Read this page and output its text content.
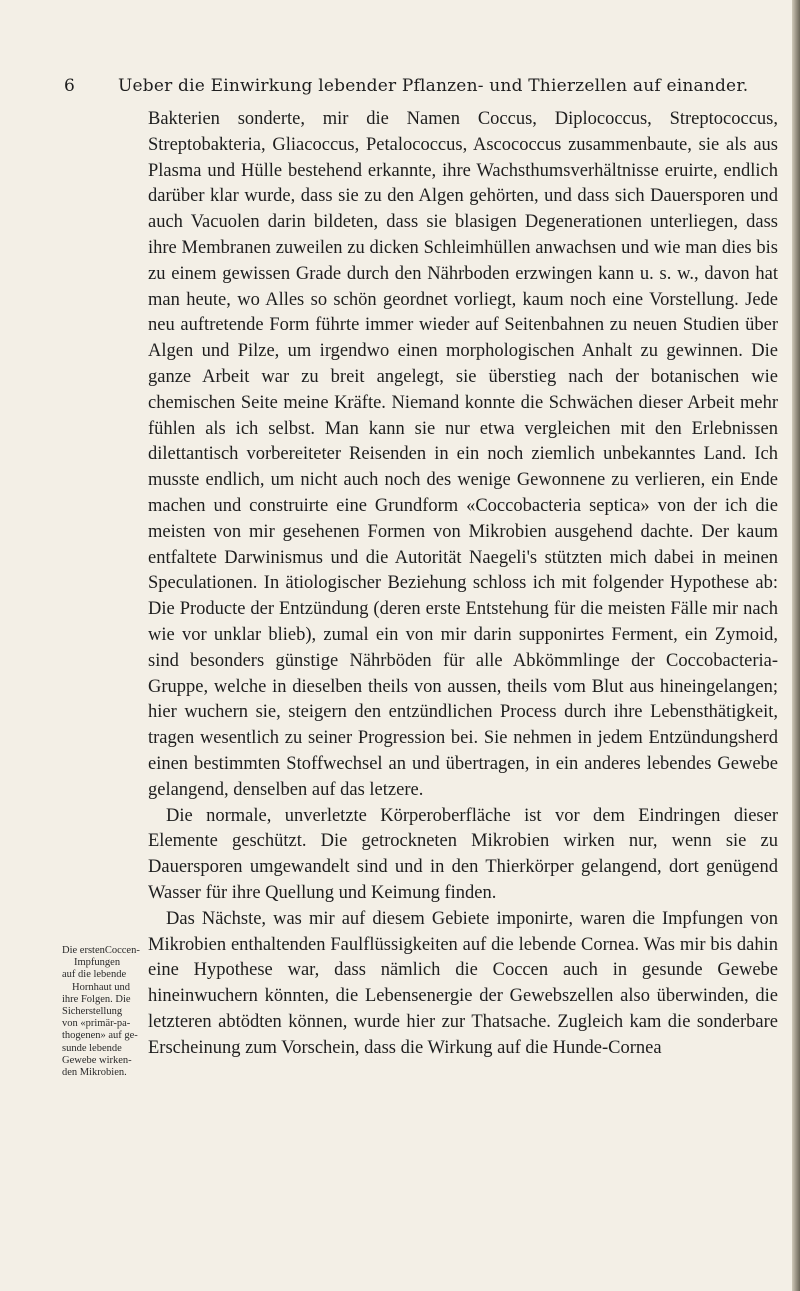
6	Ueber die Einwirkung lebender Pflanzen- und Thierzellen auf einander.

Bakterien sonderte, mir die Namen Coccus, Diplococcus, Streptococcus, Streptobakteria, Gliacoccus, Petalococcus, Ascococcus zusammenbaute, sie als aus Plasma und Hülle bestehend erkannte, ihre Wachsthumsverhältnisse eruirte, endlich darüber klar wurde, dass sie zu den Algen gehörten, und dass sich Dauersporen und auch Vacuolen darin bildeten, dass sie blasigen Degenerationen unterliegen, dass ihre Membranen zuweilen zu dicken Schleimhüllen anwachsen und wie man dies bis zu einem gewissen Grade durch den Nährboden erzwingen kann u. s. w., davon hat man heute, wo Alles so schön geordnet vorliegt, kaum noch eine Vorstellung. Jede neu auftretende Form führte immer wieder auf Seitenbahnen zu neuen Studien über Algen und Pilze, um irgendwo einen morphologischen Anhalt zu gewinnen. Die ganze Arbeit war zu breit angelegt, sie überstieg nach der botanischen wie chemischen Seite meine Kräfte. Niemand konnte die Schwächen dieser Arbeit mehr fühlen als ich selbst. Man kann sie nur etwa vergleichen mit den Erlebnissen dilettantisch vorbereiteter Reisenden in ein noch ziemlich unbekanntes Land. Ich musste endlich, um nicht auch noch des wenige Gewonnene zu verlieren, ein Ende machen und construirte eine Grundform «Coccobacteria septica» von der ich die meisten von mir gesehenen Formen von Mikrobien ausgehend dachte. Der kaum entfaltete Darwinismus und die Autorität Naegeli's stützten mich dabei in meinen Speculationen. In ätiologischer Beziehung schloss ich mit folgender Hypothese ab: Die Producte der Entzündung (deren erste Entstehung für die meisten Fälle mir nach wie vor unklar blieb), zumal ein von mir darin supponirtes Ferment, ein Zymoid, sind besonders günstige Nährböden für alle Abkömmlinge der Coccobacteria-Gruppe, welche in dieselben theils von aussen, theils vom Blut aus hineingelangen; hier wuchern sie, steigern den entzündlichen Process durch ihre Lebensthätigkeit, tragen wesentlich zu seiner Progression bei. Sie nehmen in jedem Entzündungsherd einen bestimmten Stoffwechsel an und übertragen, in ein anderes lebendes Gewebe gelangend, denselben auf das letzere.

Die normale, unverletzte Körperoberfläche ist vor dem Eindringen dieser Elemente geschützt. Die getrockneten Mikrobien wirken nur, wenn sie zu Dauersporen umgewandelt sind und in den Thierkörper gelangend, dort genügend Wasser für ihre Quellung und Keimung finden.

Das Nächste, was mir auf diesem Gebiete imponirte, waren die Impfungen von Mikrobien enthaltenden Faulflüssigkeiten auf die lebende Cornea. Was mir bis dahin eine Hypothese war, dass nämlich die Coccen auch in gesunde Gewebe hineinwuchern könnten, die Lebensenergie der Gewebszellen also überwinden, die letzteren abtödten können, wurde hier zur Thatsache. Zugleich kam die sonderbare Erscheinung zum Vorschein, dass die Wirkung auf die Hunde-Cornea

Die erstenCoccen-
Impfungen
auf die lebende
Hornhaut und
ihre Folgen. Die
Sicherstellung
von «primär-pa-
thogenen» auf ge-
sunde lebende
Gewebe wirken-
den Mikrobien.
